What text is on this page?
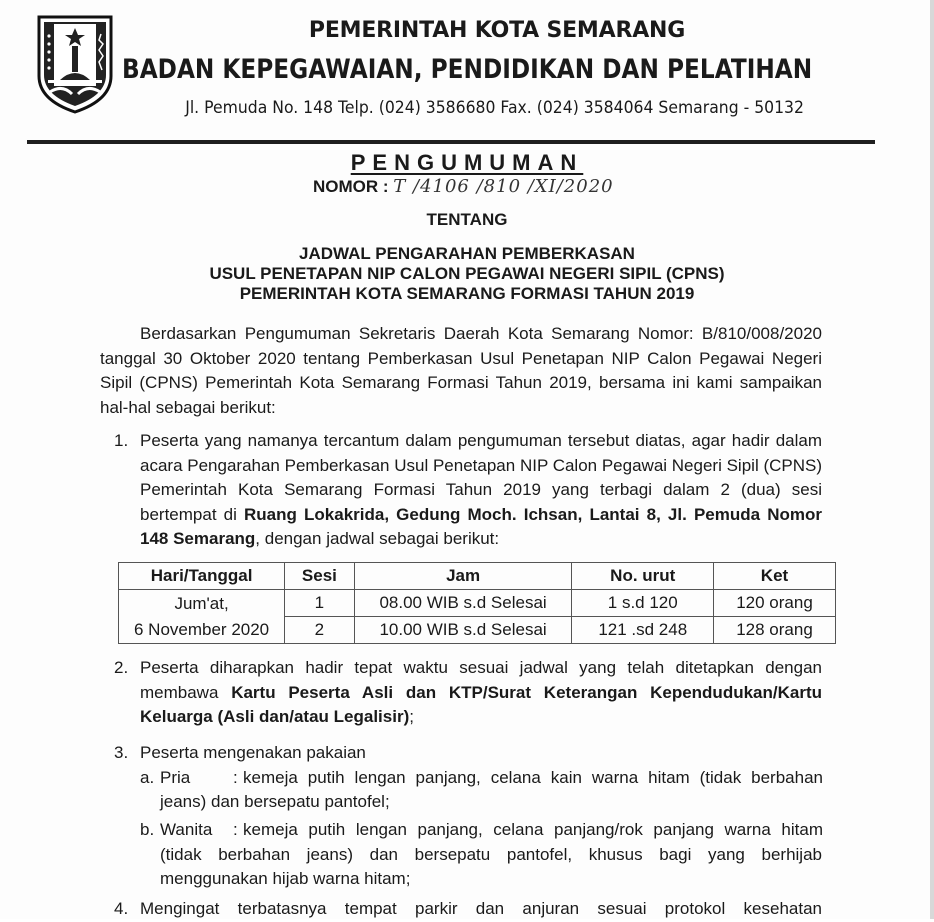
PEMERINTAH KOTA SEMARANG
BADAN KEPEGAWAIAN, PENDIDIKAN DAN PELATIHAN
Jl. Pemuda No. 148 Telp. (024) 3586680 Fax. (024) 3584064 Semarang - 50132
PENGUMUMAN
NOMOR : T /4106 /810 /XI/2020
TENTANG
JADWAL PENGARAHAN PEMBERKASAN
USUL PENETAPAN NIP CALON PEGAWAI NEGERI SIPIL (CPNS)
PEMERINTAH KOTA SEMARANG FORMASI TAHUN 2019
Berdasarkan Pengumuman Sekretaris Daerah Kota Semarang Nomor: B/810/008/2020 tanggal 30 Oktober 2020 tentang Pemberkasan Usul Penetapan NIP Calon Pegawai Negeri Sipil (CPNS) Pemerintah Kota Semarang Formasi Tahun 2019, bersama ini kami sampaikan hal-hal sebagai berikut:
1. Peserta yang namanya tercantum dalam pengumuman tersebut diatas, agar hadir dalam acara Pengarahan Pemberkasan Usul Penetapan NIP Calon Pegawai Negeri Sipil (CPNS) Pemerintah Kota Semarang Formasi Tahun 2019 yang terbagi dalam 2 (dua) sesi bertempat di Ruang Lokakrida, Gedung Moch. Ichsan, Lantai 8, Jl. Pemuda Nomor 148 Semarang, dengan jadwal sebagai berikut:
Hari/Tanggal	Sesi	Jam	No. urut	Ket

Jum'at,
6 November 2020	1	08.00 WIB s.d Selesai	1 s.d 120	120 orang
	2	10.00 WIB s.d Selesai	121 .sd 248	128 orang
2. Peserta diharapkan hadir tepat waktu sesuai jadwal yang telah ditetapkan dengan membawa Kartu Peserta Asli dan KTP/Surat Keterangan Kependudukan/Kartu Keluarga (Asli dan/atau Legalisir);
3. Peserta mengenakan pakaian
a. Pria	: kemeja putih lengan panjang, celana kain warna hitam (tidak berbahan
jeans) dan bersepatu pantofel;
b. Wanita : kemeja putih lengan panjang, celana panjang/rok panjang warna hitam
(tidak berbahan jeans) dan bersepatu pantofel, khusus bagi yang berhijab
menggunakan hijab warna hitam;
4. Mengingat terbatasnya tempat parkir dan anjuran sesuai protokol kesehatan
